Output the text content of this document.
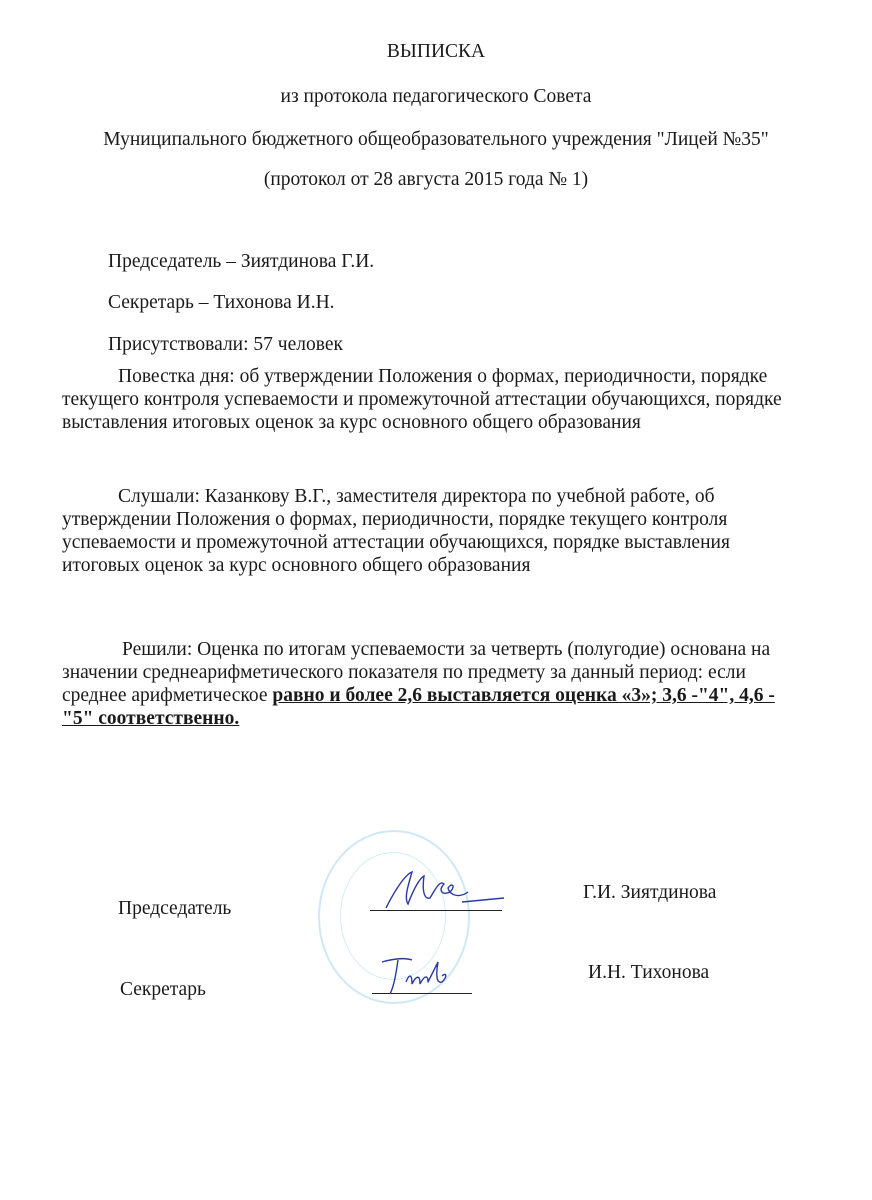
ВЫПИСКА
из протокола педагогического Совета
Муниципального бюджетного общеобразовательного учреждения "Лицей №35"
(протокол от 28 августа 2015 года № 1)
Председатель – Зиятдинова Г.И.
Секретарь – Тихонова И.Н.
Присутствовали: 57 человек
Повестка дня: об утверждении Положения о формах, периодичности, порядке
текущего контроля успеваемости и промежуточной аттестации обучающихся, порядке
выставления итоговых оценок за курс основного общего образования
Слушали: Казанкову В.Г., заместителя директора по учебной работе, об
утверждении Положения о формах, периодичности, порядке текущего контроля
успеваемости и промежуточной аттестации обучающихся, порядке выставления
итоговых оценок за курс основного общего образования
Решили: Оценка по итогам успеваемости за четверть (полугодие) основана на
значении среднеарифметического показателя по предмету за данный период: если
среднее арифметическое равно и более 2,6 выставляется оценка «3»; 3,6 -"4", 4,6 -
"5" соответственно.
Председатель
Г.И. Зиятдинова
Секретарь
И.Н. Тихонова
